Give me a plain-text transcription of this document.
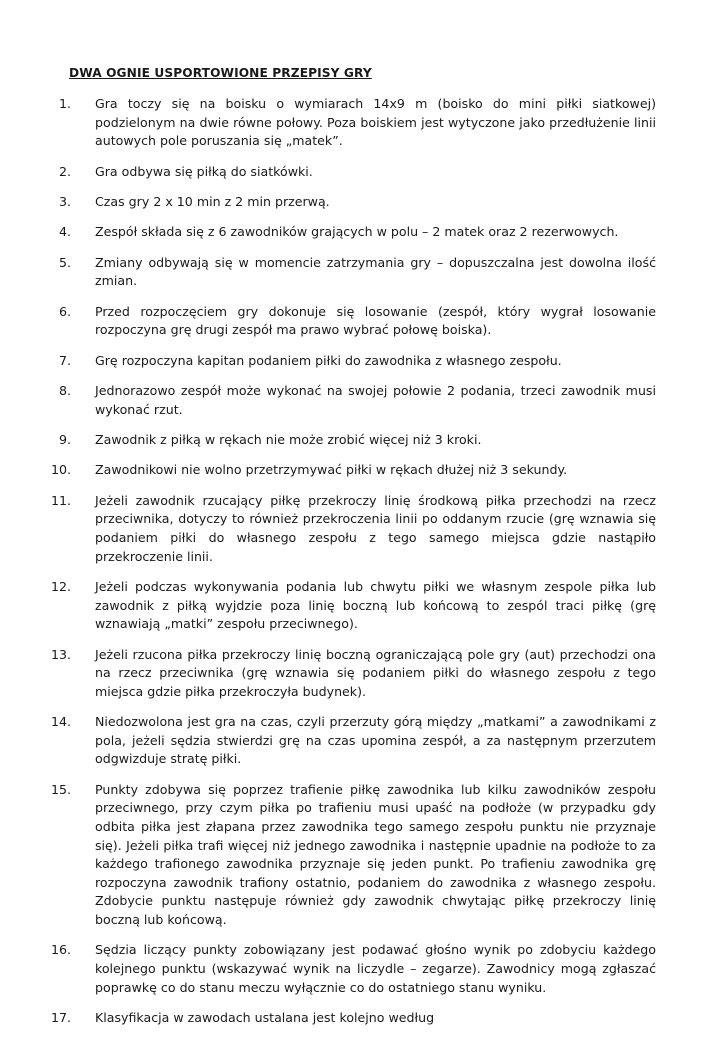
DWA OGNIE USPORTOWIONE PRZEPISY GRY
1. Gra toczy się na boisku o wymiarach 14x9 m (boisko do mini piłki siatkowej) podzielonym na dwie równe połowy. Poza boiskiem jest wytyczone jako przedłużenie linii autowych pole poruszania się „matek”.
2. Gra odbywa się piłką do siatkówki.
3. Czas gry 2 x 10 min z 2 min przerwą.
4. Zespół składa się z 6 zawodników grających w polu – 2 matek oraz 2 rezerwowych.
5. Zmiany odbywają się w momencie zatrzymania gry – dopuszczalna jest dowolna ilość zmian.
6. Przed rozpoczęciem gry dokonuje się losowanie (zespół, który wygrał losowanie rozpoczyna grę drugi zespół ma prawo wybrać połowę boiska).
7. Grę rozpoczyna kapitan podaniem piłki do zawodnika z własnego zespołu.
8. Jednorazowo zespół może wykonać na swojej połowie 2 podania, trzeci zawodnik musi wykonać rzut.
9. Zawodnik z piłką w rękach nie może zrobić więcej niż 3 kroki.
10. Zawodnikowi nie wolno przetrzymywać piłki w rękach dłużej niż 3 sekundy.
11. Jeżeli zawodnik rzucający piłkę przekroczy linię środkową piłka przechodzi na rzecz przeciwnika, dotyczy to również przekroczenia linii po oddanym rzucie (grę wznawia się podaniem piłki do własnego zespołu z tego samego miejsca gdzie nastąpiło przekroczenie linii.
12. Jeżeli podczas wykonywania podania lub chwytu piłki we własnym zespole piłka lub zawodnik z piłką wyjdzie poza linię boczną lub końcową to zespól traci piłkę (grę wznawiają „matki” zespołu przeciwnego).
13. Jeżeli rzucona piłka przekroczy linię boczną ograniczającą pole gry (aut) przechodzi ona na rzecz przeciwnika (grę wznawia się podaniem piłki do własnego zespołu z tego miejsca gdzie piłka przekroczyła budynek).
14. Niedozwolona jest gra na czas, czyli przerzuty górą między „matkami” a zawodnikami z pola, jeżeli sędzia stwierdzi grę na czas upomina zespół, a za następnym przerzutem odgwizduje stratę piłki.
15. Punkty zdobywa się poprzez trafienie piłkę zawodnika lub kilku zawodników zespołu przeciwnego, przy czym piłka po trafieniu musi upaść na podłoże (w przypadku gdy odbita piłka jest złapana przez zawodnika tego samego zespołu punktu nie przyznaje się). Jeżeli piłka trafi więcej niż jednego zawodnika i następnie upadnie na podłoże to za każdego trafionego zawodnika przyznaje się jeden punkt. Po trafieniu zawodnika grę rozpoczyna zawodnik trafiony ostatnio, podaniem do zawodnika z własnego zespołu. Zdobycie punktu następuje również gdy zawodnik chwytając piłkę przekroczy linię boczną lub końcową.
16. Sędzia liczący punkty zobowiązany jest podawać głośno wynik po zdobyciu każdego kolejnego punktu (wskazywać wynik na liczydle – zegarze). Zawodnicy mogą zgłaszać poprawkę co do stanu meczu wyłącznie co do ostatniego stanu wyniku.
17. Klasyfikacja w zawodach ustalana jest kolejno według
